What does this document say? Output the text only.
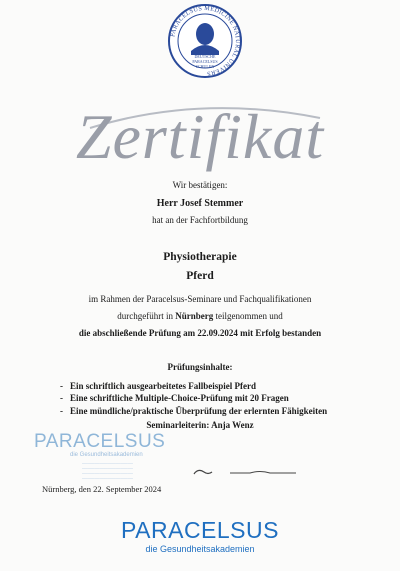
PARACELSUS MEDICINE NATURAL UNIVERS
DEUTSCHE
PARACELSUS
SCHULEN
Zertifikat
Wir bestätigen:
Herr Josef Stemmer
hat an der Fachfortbildung
Physiotherapie
Pferd
im Rahmen der Paracelsus-Seminare und Fachqualifikationen
durchgeführt in Nürnberg teilgenommen und
die abschließende Prüfung am 22.09.2024 mit Erfolg bestanden
Prüfungsinhalte:
- Ein schriftlich ausgearbeitetes Fallbeispiel Pferd
- Eine schriftliche Multiple-Choice-Prüfung mit 20 Fragen
- Eine mündliche/praktische Überprüfung der erlernten Fähigkeiten
Seminarleiterin: Anja Wenz
PARACELSUS
die Gesundheitsakademien
────────────────────
────────────────────
────────────────────
────────────────────
Nürnberg, den 22. September 2024
PARACELSUS
die Gesundheitsakademien
